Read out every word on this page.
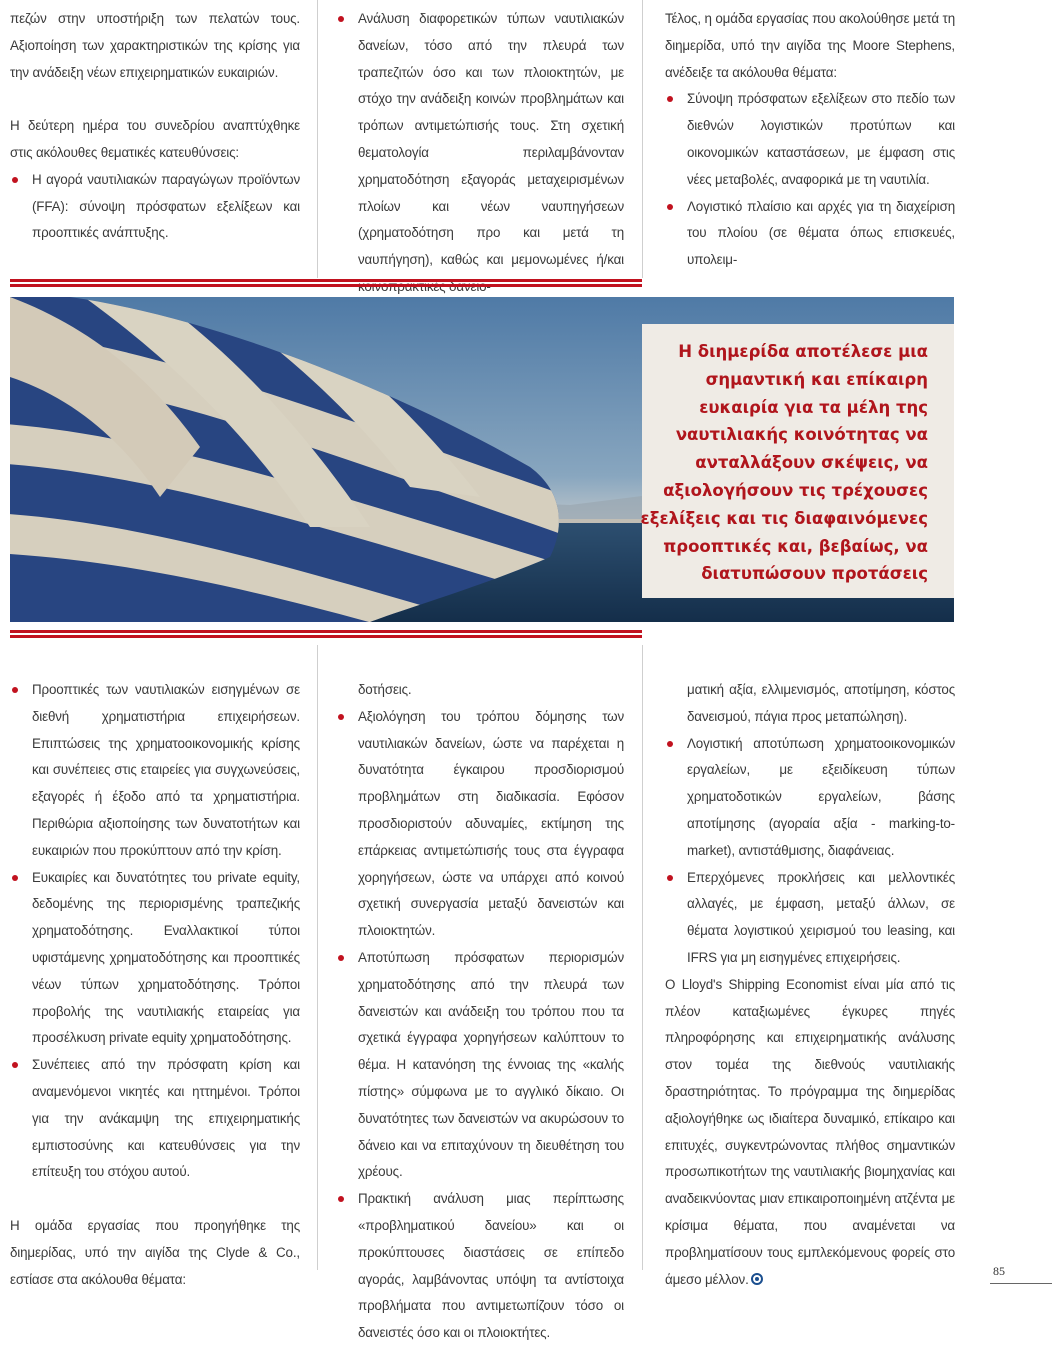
πεζών στην υποστήριξη των πελατών τους. Αξιοποίηση των χαρακτηριστικών της κρίσης για την ανάδειξη νέων επιχειρηματικών ευκαιριών.

Η δεύτερη ημέρα του συνεδρίου αναπτύχθηκε στις ακόλουθες θεματικές κατευθύνσεις:

Η αγορά ναυτιλιακών παραγώγων προϊόντων (FFA): σύνοψη πρόσφατων εξελίξεων και προοπτικές ανάπτυξης.
Ανάλυση διαφορετικών τύπων ναυτιλιακών δανείων, τόσο από την πλευρά των τραπεζιτών όσο και των πλοιοκτητών, με στόχο την ανάδειξη κοινών προβλημάτων και τρόπων αντιμετώπισής τους. Στη σχετική θεματολογία περιλαμβάνονταν χρηματοδότηση εξαγοράς μεταχειρισμένων πλοίων και νέων ναυπηγήσεων (χρηματοδότηση προ και μετά τη ναυπήγηση), καθώς και μεμονωμένες ή/και

Τέλος, η ομάδα εργασίας που ακολούθησε μετά τη διημερίδα, υπό την αιγίδα της Moore Stephens, ανέδειξε τα ακόλουθα θέματα:

Σύνοψη πρόσφατων εξελίξεων στο πεδίο των διεθνών λογιστικών προτύπων και οικονομικών καταστάσεων, με έμφαση στις νέες μεταβολές, αναφορικά με τη ναυτιλία.
Λογιστικό πλαίσιο και αρχές για τη διαχείριση του πλοίου (σε θέματα όπως επισκευές, υπολειμ-

Η διημερίδα αποτέλεσε μια σημαντική και επίκαιρη ευκαιρία για τα μέλη της ναυτιλιακής κοινότητας να ανταλλάξουν σκέψεις, να αξιολογήσουν τις τρέχουσες εξελίξεις και τις διαφαινόμενες προοπτικές και, βεβαίως, να διατυπώσουν προτάσεις

Προοπτικές των ναυτιλιακών εισηγμένων σε διεθνή χρηματιστήρια επιχειρήσεων. Επιπτώσεις της χρηματοοικονομικής κρίσης και συνέπειες στις εταιρείες για συγχωνεύσεις, εξαγορές ή έξοδο από τα χρηματιστήρια. Περιθώρια αξιοποίησης των δυνατοτήτων και ευκαιριών που προκύπτουν από την κρίση.
Ευκαιρίες και δυνατότητες του private equity, δεδομένης της περιορισμένης τραπεζικής χρηματοδότησης. Εναλλακτικοί τύποι υφιστάμενης χρηματοδότησης και προοπτικές νέων τύπων χρηματοδότησης. Τρόποι προβολής της ναυτιλιακής εταιρείας για προσέλκυση private equity χρηματοδότησης.
Συνέπειες από την πρόσφατη κρίση και αναμενόμενοι νικητές και ηττημένοι. Τρόποι για την ανάκαμψη της επιχειρηματικής εμπιστοσύνης και κατευθύνσεις για την επίτευξη του στόχου αυτού.

Η ομάδα εργασίας που προηγήθηκε της διημερίδας, υπό την αιγίδα της Clyde & Co., εστίασε στα ακόλουθα θέματα:

δοτήσεις.
Αξιολόγηση του τρόπου δόμησης των ναυτιλιακών δανείων, ώστε να παρέχεται η δυνατότητα έγκαιρου προσδιορισμού προβλημάτων στη διαδικασία. Εφόσον προσδιοριστούν αδυναμίες, εκτίμηση της επάρκειας αντιμετώπισής τους στα έγγραφα χορηγήσεων, ώστε να υπάρχει από κοινού σχετική συνεργασία μεταξύ δανειστών και πλοιοκτητών.
Αποτύπωση πρόσφατων περιορισμών χρηματοδότησης από την πλευρά των δανειστών και ανάδειξη του τρόπου που τα σχετικά έγγραφα χορηγήσεων καλύπτουν το θέμα. Η κατανόηση της έννοιας της «καλής πίστης» σύμφωνα με το αγγλικό δίκαιο. Οι δυνατότητες των δανειστών να ακυρώσουν το δάνειο και να επιταχύνουν τη διευθέτηση του χρέους.
Πρακτική ανάλυση μιας περίπτωσης «προβληματικού δανείου» και οι προκύπτουσες διαστάσεις σε επίπεδο αγοράς, λαμβάνοντας υπόψη τα αντίστοιχα προβλήματα που αντιμετωπίζουν τόσο οι δανειστές όσο και οι πλοιοκτήτες.
ματική αξία, ελλιμενισμός, αποτίμηση, κόστος δανεισμού, πάγια προς μεταπώληση).
Λογιστική αποτύπωση χρηματοοικονομικών εργαλείων, με εξειδίκευση τύπων χρηματοδοτικών εργαλείων, βάσης αποτίμησης (αγοραία αξία - marking-to-market), αντιστάθμισης, διαφάνειας.
Επερχόμενες προκλήσεις και μελλοντικές αλλαγές, με έμφαση, μεταξύ άλλων, σε θέματα λογιστικού χειρισμού του leasing, και IFRS για μη εισηγμένες επιχειρήσεις.

Ο Lloyd's Shipping Economist είναι μία από τις πλέον καταξιωμένες έγκυρες πηγές πληροφόρησης και επιχειρηματικής ανάλυσης στον τομέα της διεθνούς ναυτιλιακής δραστηριότητας. Το πρόγραμμα της διημερίδας αξιολογήθηκε ως ιδιαίτερα δυναμικό, επίκαιρο και επιτυχές, συγκεντρώνοντας πλήθος σημαντικών προσωπικοτήτων της ναυτιλιακής βιομηχανίας και αναδεικνύοντας μιαν επικαιροποιημένη ατζέντα με κρίσιμα θέματα, που αναμένεται να προβληματίσουν τους εμπλεκόμενους φορείς στο άμεσο μέλλον.

85
